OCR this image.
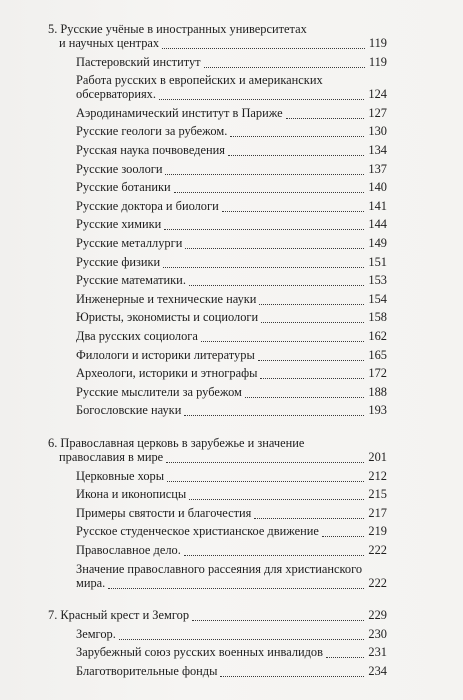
5. Русские учёные в иностранных университетах
и научных центрах	119
Пастеровский институт	119
Работа русских в европейских и американских
обсерваториях.	124
Аэродинамический институт в Париже	127
Русские геологи за рубежом.	130
Русская наука почвоведения	134
Русские зоологи	137
Русские ботаники	140
Русские доктора и биологи	141
Русские химики	144
Русские металлурги	149
Русские физики	151
Русские математики.	153
Инженерные и технические науки	154
Юристы, экономисты и социологи	158
Два русских социолога	162
Филологи и историки литературы	165
Археологи, историки и этнографы	172
Русские мыслители за рубежом	188
Богословские науки	193
6. Православная церковь в зарубежье и значение
православия в мире	201
Церковные хоры	212
Икона и иконописцы	215
Примеры святости и благочестия	217
Русское студенческое христианское движение	219
Православное дело.	222
Значение православного рассеяния для христианского
мира.	222
7. Красный крест и Земгор	229
Земгор.	230
Зарубежный союз русских военных инвалидов	231
Благотворительные фонды	234
